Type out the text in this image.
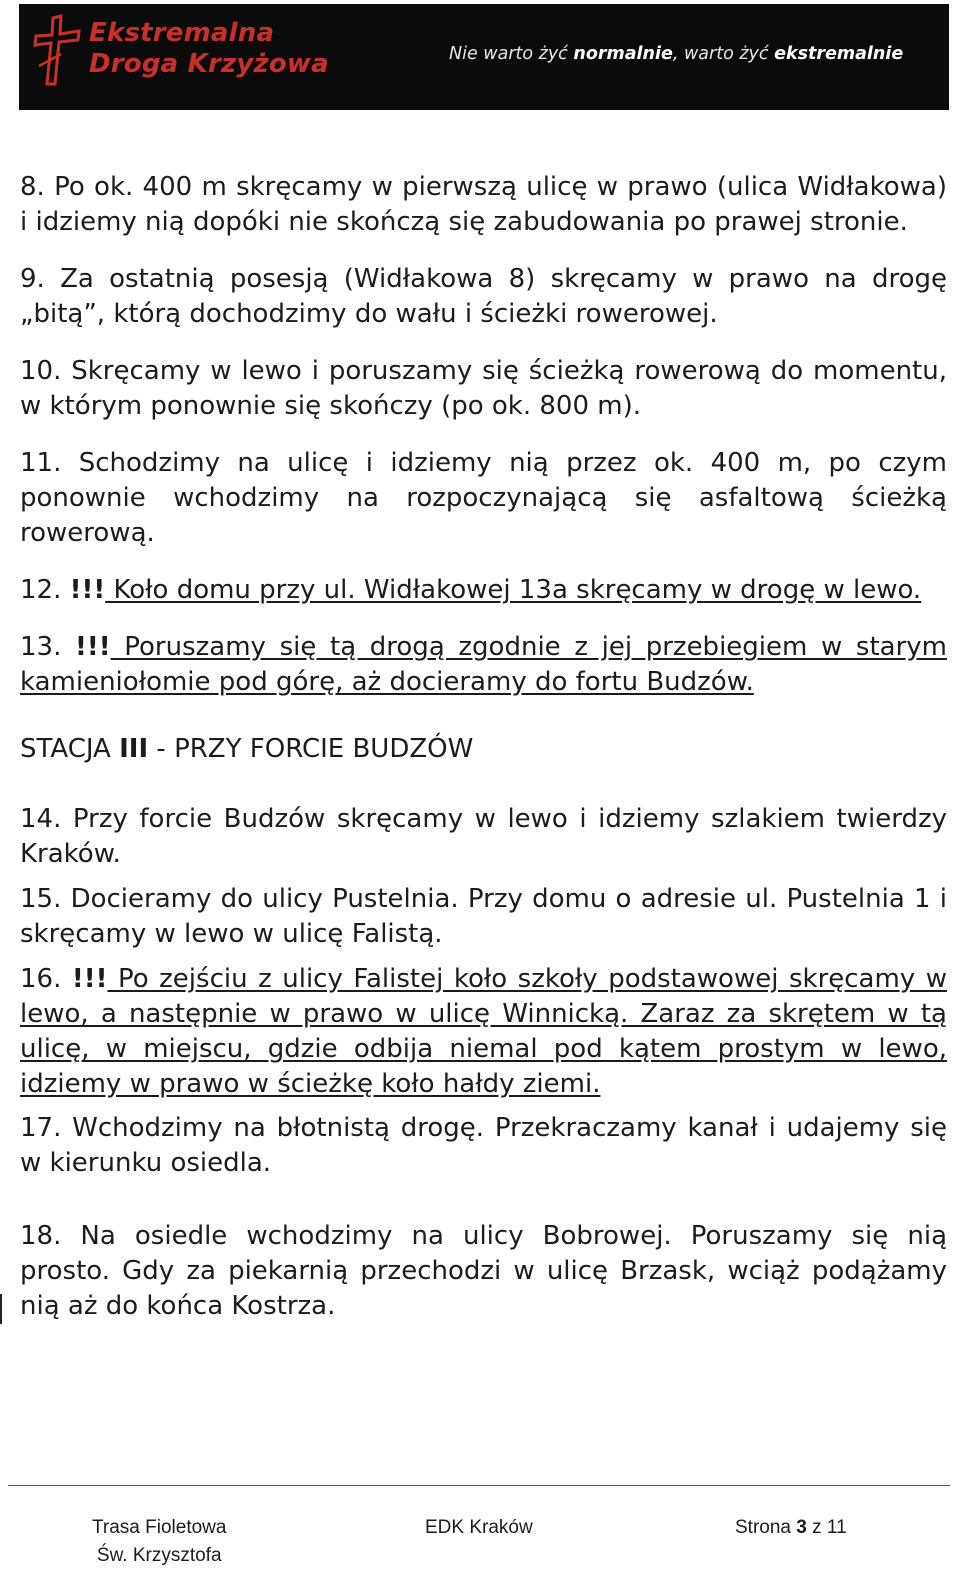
Ekstremalna
Droga Krzyżowa	Nie warto żyć normalnie, warto żyć ekstremalnie

8. Po ok. 400 m skręcamy w pierwszą ulicę w prawo (ulica Widłakowa) i idziemy nią dopóki nie skończą się zabudowania po prawej stronie.

9. Za ostatnią posesją (Widłakowa 8) skręcamy w prawo na drogę „bitą”, którą dochodzimy do wału i ścieżki rowerowej.

10. Skręcamy w lewo i poruszamy się ścieżką rowerową do momentu, w którym ponownie się skończy (po ok. 800 m).

11. Schodzimy na ulicę i idziemy nią przez ok. 400 m, po czym ponownie wchodzimy na rozpoczynającą się asfaltową ścieżką rowerową.

12. !!! Koło domu przy ul. Widłakowej 13a skręcamy w drogę w lewo.

13. !!! Poruszamy się tą drogą zgodnie z jej przebiegiem w starym kamieniołomie pod górę, aż docieramy do fortu Budzów.

STACJA III - PRZY FORCIE BUDZÓW

14. Przy forcie Budzów skręcamy w lewo i idziemy szlakiem twierdzy Kraków.

15. Docieramy do ulicy Pustelnia. Przy domu o adresie ul. Pustelnia 1 i skręcamy w lewo w ulicę Falistą.

16. !!! Po zejściu z ulicy Falistej koło szkoły podstawowej skręcamy w lewo, a następnie w prawo w ulicę Winnicką. Zaraz za skrętem w tą ulicę, w miejscu, gdzie odbija niemal pod kątem prostym w lewo, idziemy w prawo w ścieżkę koło hałdy ziemi.

17. Wchodzimy na błotnistą drogę. Przekraczamy kanał i udajemy się w kierunku osiedla.

18. Na osiedle wchodzimy na ulicy Bobrowej. Poruszamy się nią prosto. Gdy za piekarnią przechodzi w ulicę Brzask, wciąż podążamy nią aż do końca Kostrza.

Trasa Fioletowa
Św. Krzysztofa
EDK Kraków	Strona 3 z 11
